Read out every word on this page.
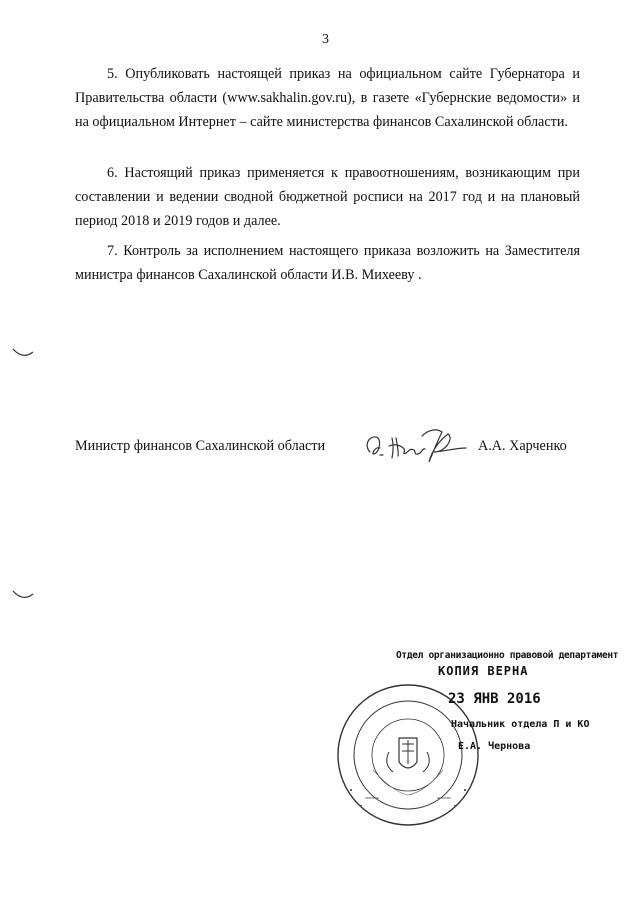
3

5. Опубликовать настоящей приказ на официальном сайте Губернатора и Правительства области (www.sakhalin.gov.ru), в газете «Губернские ведомости» и на официальном Интернет – сайте министерства финансов Сахалинской области.

6. Настоящий приказ применяется к правоотношениям, возникающим при составлении и ведении сводной бюджетной росписи на 2017 год и на плановый период 2018 и 2019 годов и далее.

7. Контроль за исполнением настоящего приказа возложить на Заместителя министра финансов Сахалинской области И.В. Михееву .

Министр финансов Сахалинской области	А.А. Харченко
Отдел организационно правовой департамент
КОПИЯ ВЕРНА
23 ЯНВ 2016
Начальник отдела П и КО
Е.А. Чернова
